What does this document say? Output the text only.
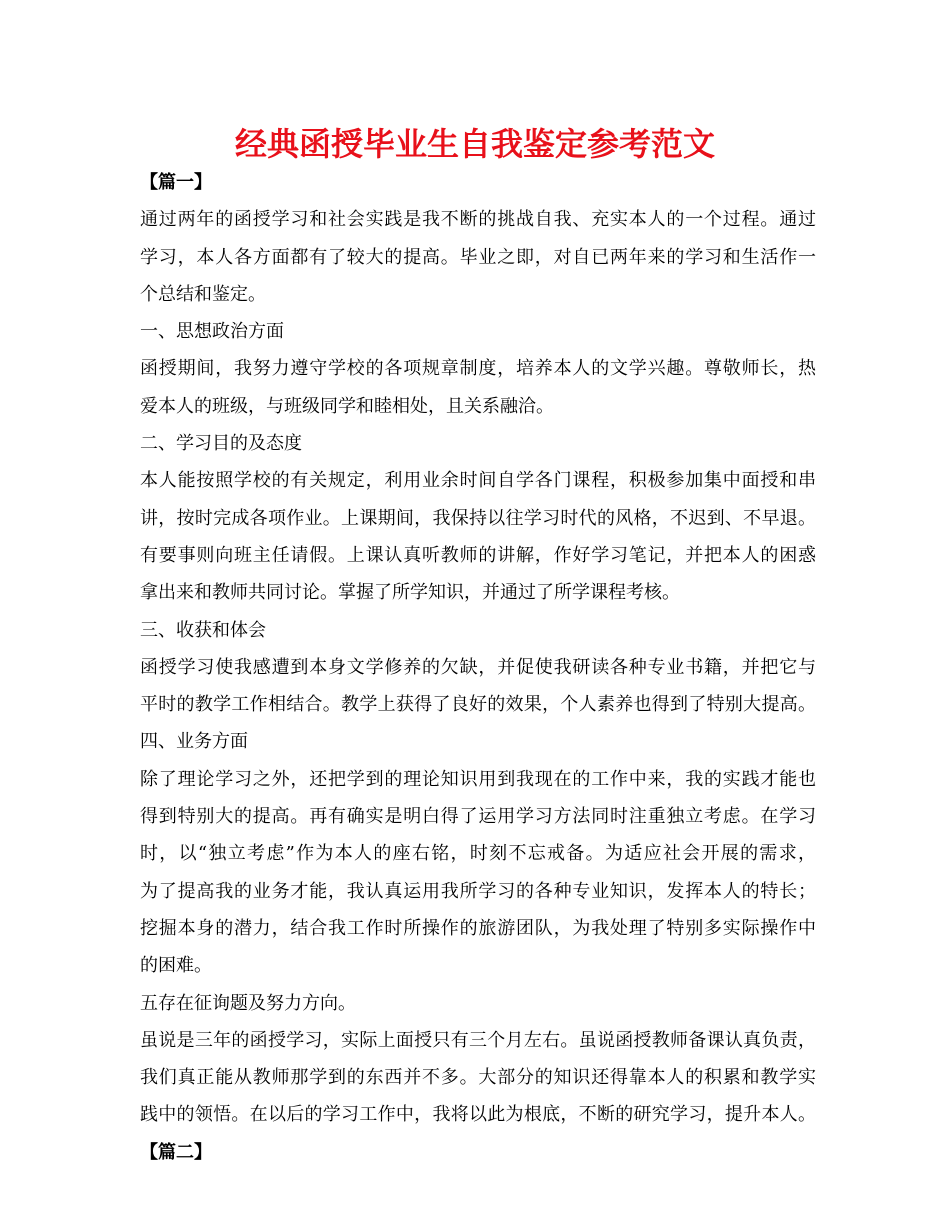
经典函授毕业生自我鉴定参考范文
【篇一】
通过两年的函授学习和社会实践是我不断的挑战自我、充实本人的一个过程。通过
学习，本人各方面都有了较大的提高。毕业之即，对自已两年来的学习和生活作一
个总结和鉴定。
一、思想政治方面
函授期间，我努力遵守学校的各项规章制度，培养本人的文学兴趣。尊敬师长，热
爱本人的班级，与班级同学和睦相处，且关系融洽。
二、学习目的及态度
本人能按照学校的有关规定，利用业余时间自学各门课程，积极参加集中面授和串
讲，按时完成各项作业。上课期间，我保持以往学习时代的风格，不迟到、不早退。
有要事则向班主任请假。上课认真听教师的讲解，作好学习笔记，并把本人的困惑
拿出来和教师共同讨论。掌握了所学知识，并通过了所学课程考核。
三、收获和体会
函授学习使我感遭到本身文学修养的欠缺，并促使我研读各种专业书籍，并把它与
平时的教学工作相结合。教学上获得了良好的效果，个人素养也得到了特别大提高。
四、业务方面
除了理论学习之外，还把学到的理论知识用到我现在的工作中来，我的实践才能也
得到特别大的提高。再有确实是明白得了运用学习方法同时注重独立考虑。在学习
时，以“独立考虑”作为本人的座右铭，时刻不忘戒备。为适应社会开展的需求，
为了提高我的业务才能，我认真运用我所学习的各种专业知识，发挥本人的特长；
挖掘本身的潜力，结合我工作时所操作的旅游团队，为我处理了特别多实际操作中
的困难。
五存在征询题及努力方向。
虽说是三年的函授学习，实际上面授只有三个月左右。虽说函授教师备课认真负责，
我们真正能从教师那学到的东西并不多。大部分的知识还得靠本人的积累和教学实
践中的领悟。在以后的学习工作中，我将以此为根底，不断的研究学习，提升本人。
【篇二】
